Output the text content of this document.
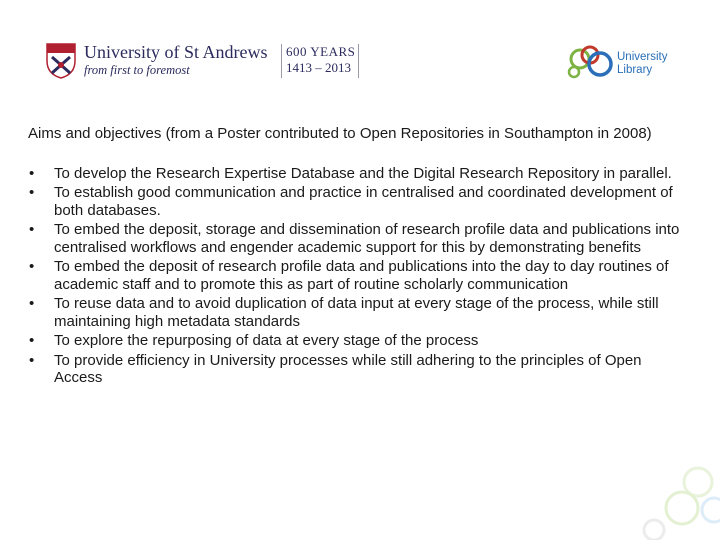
University of St Andrews
from first to foremost
600 YEARS
1413 – 2013
University
Library
Aims and objectives (from a Poster contributed to Open Repositories in Southampton in 2008)
• To develop the Research Expertise Database and the Digital Research Repository in parallel.
• To establish good communication and practice in centralised and coordinated development of both databases.
• To embed the deposit, storage and dissemination of research profile data and publications into centralised workflows and engender academic support for this by demonstrating benefits
• To embed the deposit of research profile data and publications into the day to day routines of academic staff and to promote this as part of routine scholarly communication
• To reuse data and to avoid duplication of data input at every stage of the process, while still maintaining high metadata standards
• To explore the repurposing of data at every stage of the process
• To provide efficiency in University processes while still adhering to the principles of Open Access
